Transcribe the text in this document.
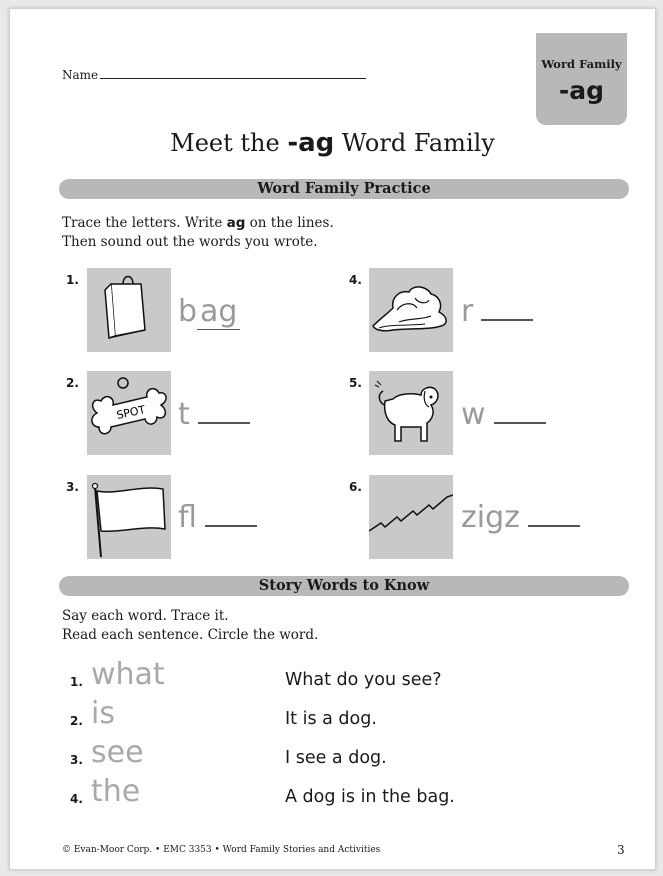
Name
Word Family
-ag
Meet the -ag Word Family
Word Family Practice
Trace the letters. Write ag on the lines.
Then sound out the words you wrote.
1.
b ag
2.
SPOT t
3.
fl
4.
r
5.
w
6.
zigz
Story Words to Know
Say each word. Trace it.
Read each sentence. Circle the word.
1. what	What do you see?
2. is	It is a dog.
3. see	I see a dog.
4. the	A dog is in the bag.
© Evan-Moor Corp. • EMC 3353 • Word Family Stories and Activities	3
